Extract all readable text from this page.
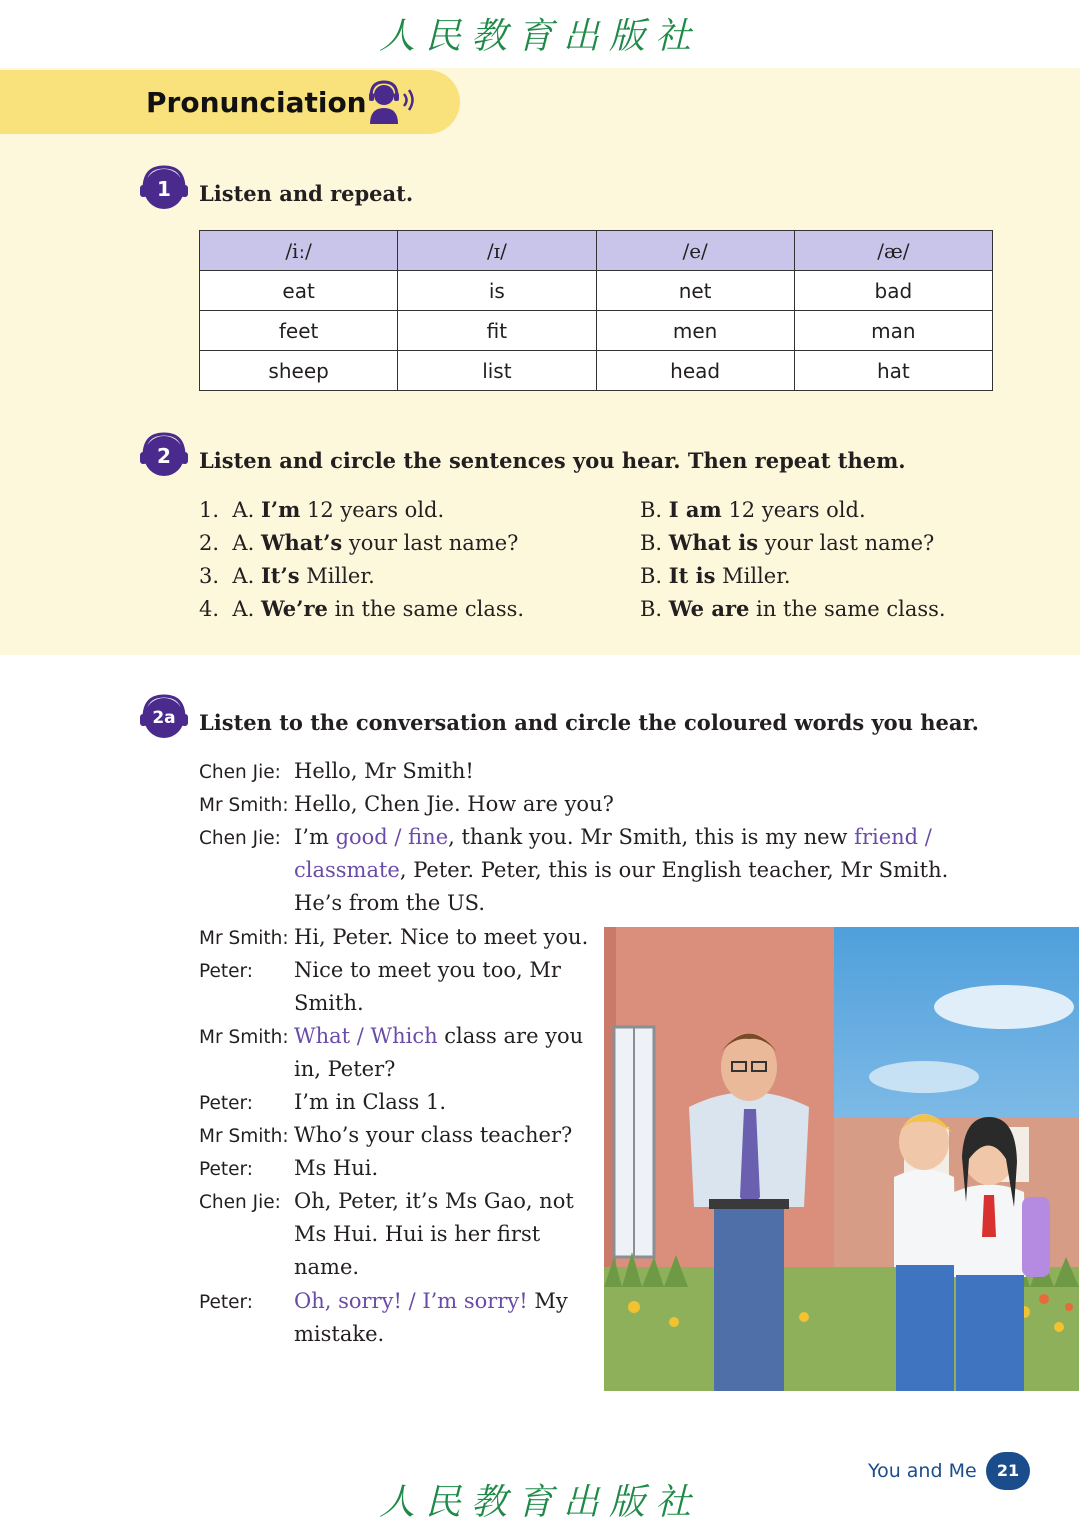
人民教育出版社
Pronunciation
1	Listen and repeat.
/iː/	/ɪ/	/e/	/æ/
eat	is	net	bad
feet	fit	men	man
sheep	list	head	hat
2	Listen and circle the sentences you hear. Then repeat them.
1. A. I’m 12 years old.	B. I am 12 years old.
2. A. What’s your last name?	B. What is your last name?
3. A. It’s Miller.	B. It is Miller.
4. A. We’re in the same class.	B. We are in the same class.
2a	Listen to the conversation and circle the coloured words you hear.
Chen Jie: Hello, Mr Smith!
Mr Smith: Hello, Chen Jie. How are you?
Chen Jie: I’m good / fine, thank you. Mr Smith, this is my new friend /
classmate, Peter. Peter, this is our English teacher, Mr Smith.
He’s from the US.
Mr Smith: Hi, Peter. Nice to meet you.
Peter: Nice to meet you too, Mr
Smith.
Mr Smith: What / Which class are you
in, Peter?
Peter: I’m in Class 1.
Mr Smith: Who’s your class teacher?
Peter: Ms Hui.
Chen Jie: Oh, Peter, it’s Ms Gao, not
Ms Hui. Hui is her first
name.
Peter: Oh, sorry! / I’m sorry! My
mistake.
You and Me	21
人民教育出版社
